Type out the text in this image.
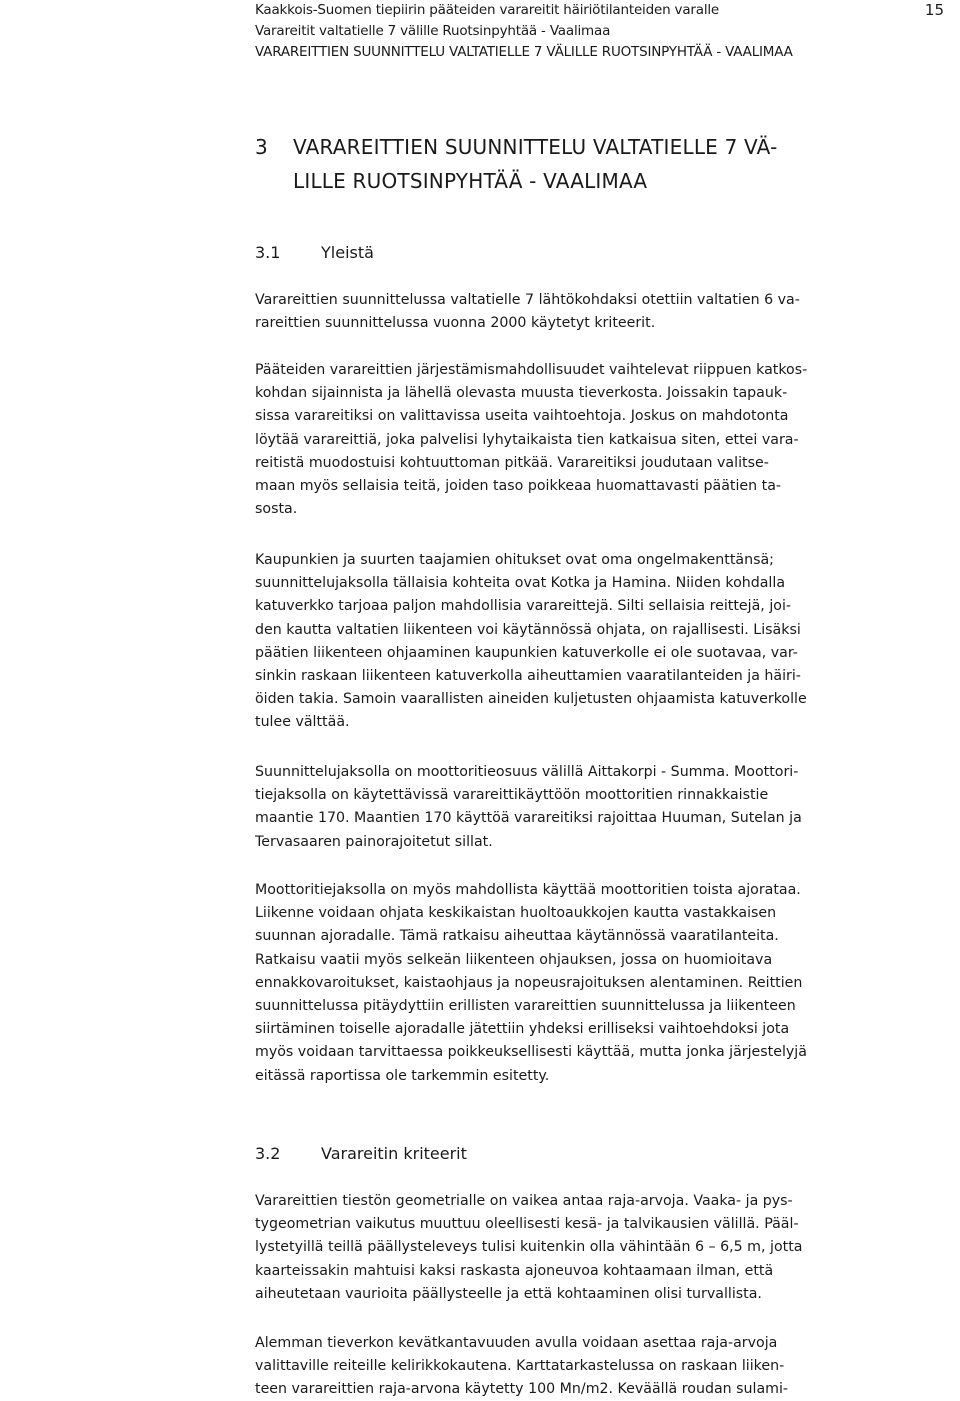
Kaakkois-Suomen tiepiirin pääteiden varareitit häiriötilanteiden varalle
Varareitit valtatielle 7 välille Ruotsinpyhtää - Vaalimaa
VARAREITTIEN SUUNNITTELU VALTATIELLE 7 VÄLILLE RUOTSINPYHTÄÄ - VAALIMAA
15
3 VARAREITTIEN SUUNNITTELU VALTATIELLE 7 VÄ-
LILLE RUOTSINPYHTÄÄ - VAALIMAA
3.1	Yleistä

Varareittien suunnittelussa valtatielle 7 lähtökohdaksi otettiin valtatien 6 va-
rareittien suunnittelussa vuonna 2000 käytetyt kriteerit.

Pääteiden varareittien järjestämismahdollisuudet vaihtelevat riippuen katkos-
kohdan sijainnista ja lähellä olevasta muusta tieverkosta. Joissakin tapauk-
sissa varareitiksi on valittavissa useita vaihtoehtoja. Joskus on mahdotonta
löytää varareittiä, joka palvelisi lyhytaikaista tien katkaisua siten, ettei vara-
reitistä muodostuisi kohtuuttoman pitkää. Varareitiksi joudutaan valitse-
maan myös sellaisia teitä, joiden taso poikkeaa huomattavasti päätien ta-
sosta.

Kaupunkien ja suurten taajamien ohitukset ovat oma ongelmakenttänsä;
suunnittelujaksolla tällaisia kohteita ovat Kotka ja Hamina. Niiden kohdalla
katuverkko tarjoaa paljon mahdollisia varareittejä. Silti sellaisia reittejä, joi-
den kautta valtatien liikenteen voi käytännössä ohjata, on rajallisesti. Lisäksi
päätien liikenteen ohjaaminen kaupunkien katuverkolle ei ole suotavaa, var-
sinkin raskaan liikenteen katuverkolla aiheuttamien vaaratilanteiden ja häiri-
öiden takia. Samoin vaarallisten aineiden kuljetusten ohjaamista katuverkolle
tulee välttää.

Suunnittelujaksolla on moottoritieosuus välillä Aittakorpi - Summa. Moottori-
tiejaksolla on käytettävissä varareittikäyttöön moottoritien rinnakkaistie
maantie 170. Maantien 170 käyttöä varareitiksi rajoittaa Huuman, Sutelan ja
Tervasaaren painorajoitetut sillat.

Moottoritiejaksolla on myös mahdollista käyttää moottoritien toista ajorataa.
Liikenne voidaan ohjata keskikaistan huoltoaukkojen kautta vastakkaisen
suunnan ajoradalle. Tämä ratkaisu aiheuttaa käytännössä vaaratilanteita.
Ratkaisu vaatii myös selkeän liikenteen ohjauksen, jossa on huomioitava
ennakkovaroitukset, kaistaohjaus ja nopeusrajoituksen alentaminen. Reittien
suunnittelussa pitäydyttiin erillisten varareittien suunnittelussa ja liikenteen
siirtäminen toiselle ajoradalle jätettiin yhdeksi erilliseksi vaihtoehdoksi jota
myös voidaan tarvittaessa poikkeuksellisesti käyttää, mutta jonka järjestelyjä
eitässä raportissa ole tarkemmin esitetty.

3.2	Varareitin kriteerit

Varareittien tiestön geometrialle on vaikea antaa raja-arvoja. Vaaka- ja pys-
tygeometrian vaikutus muuttuu oleellisesti kesä- ja talvikausien välillä. Pääl-
lystetyillä teillä päällysteleveys tulisi kuitenkin olla vähintään 6 – 6,5 m, jotta
kaarteissakin mahtuisi kaksi raskasta ajoneuvoa kohtaamaan ilman, että
aiheutetaan vaurioita päällysteelle ja että kohtaaminen olisi turvallista.

Alemman tieverkon kevätkantavuuden avulla voidaan asettaa raja-arvoja
valittaville reiteille kelirikkokautena. Karttatarkastelussa on raskaan liiken-
teen varareittien raja-arvona käytetty 100 Mn/m2. Keväällä roudan sulami-
